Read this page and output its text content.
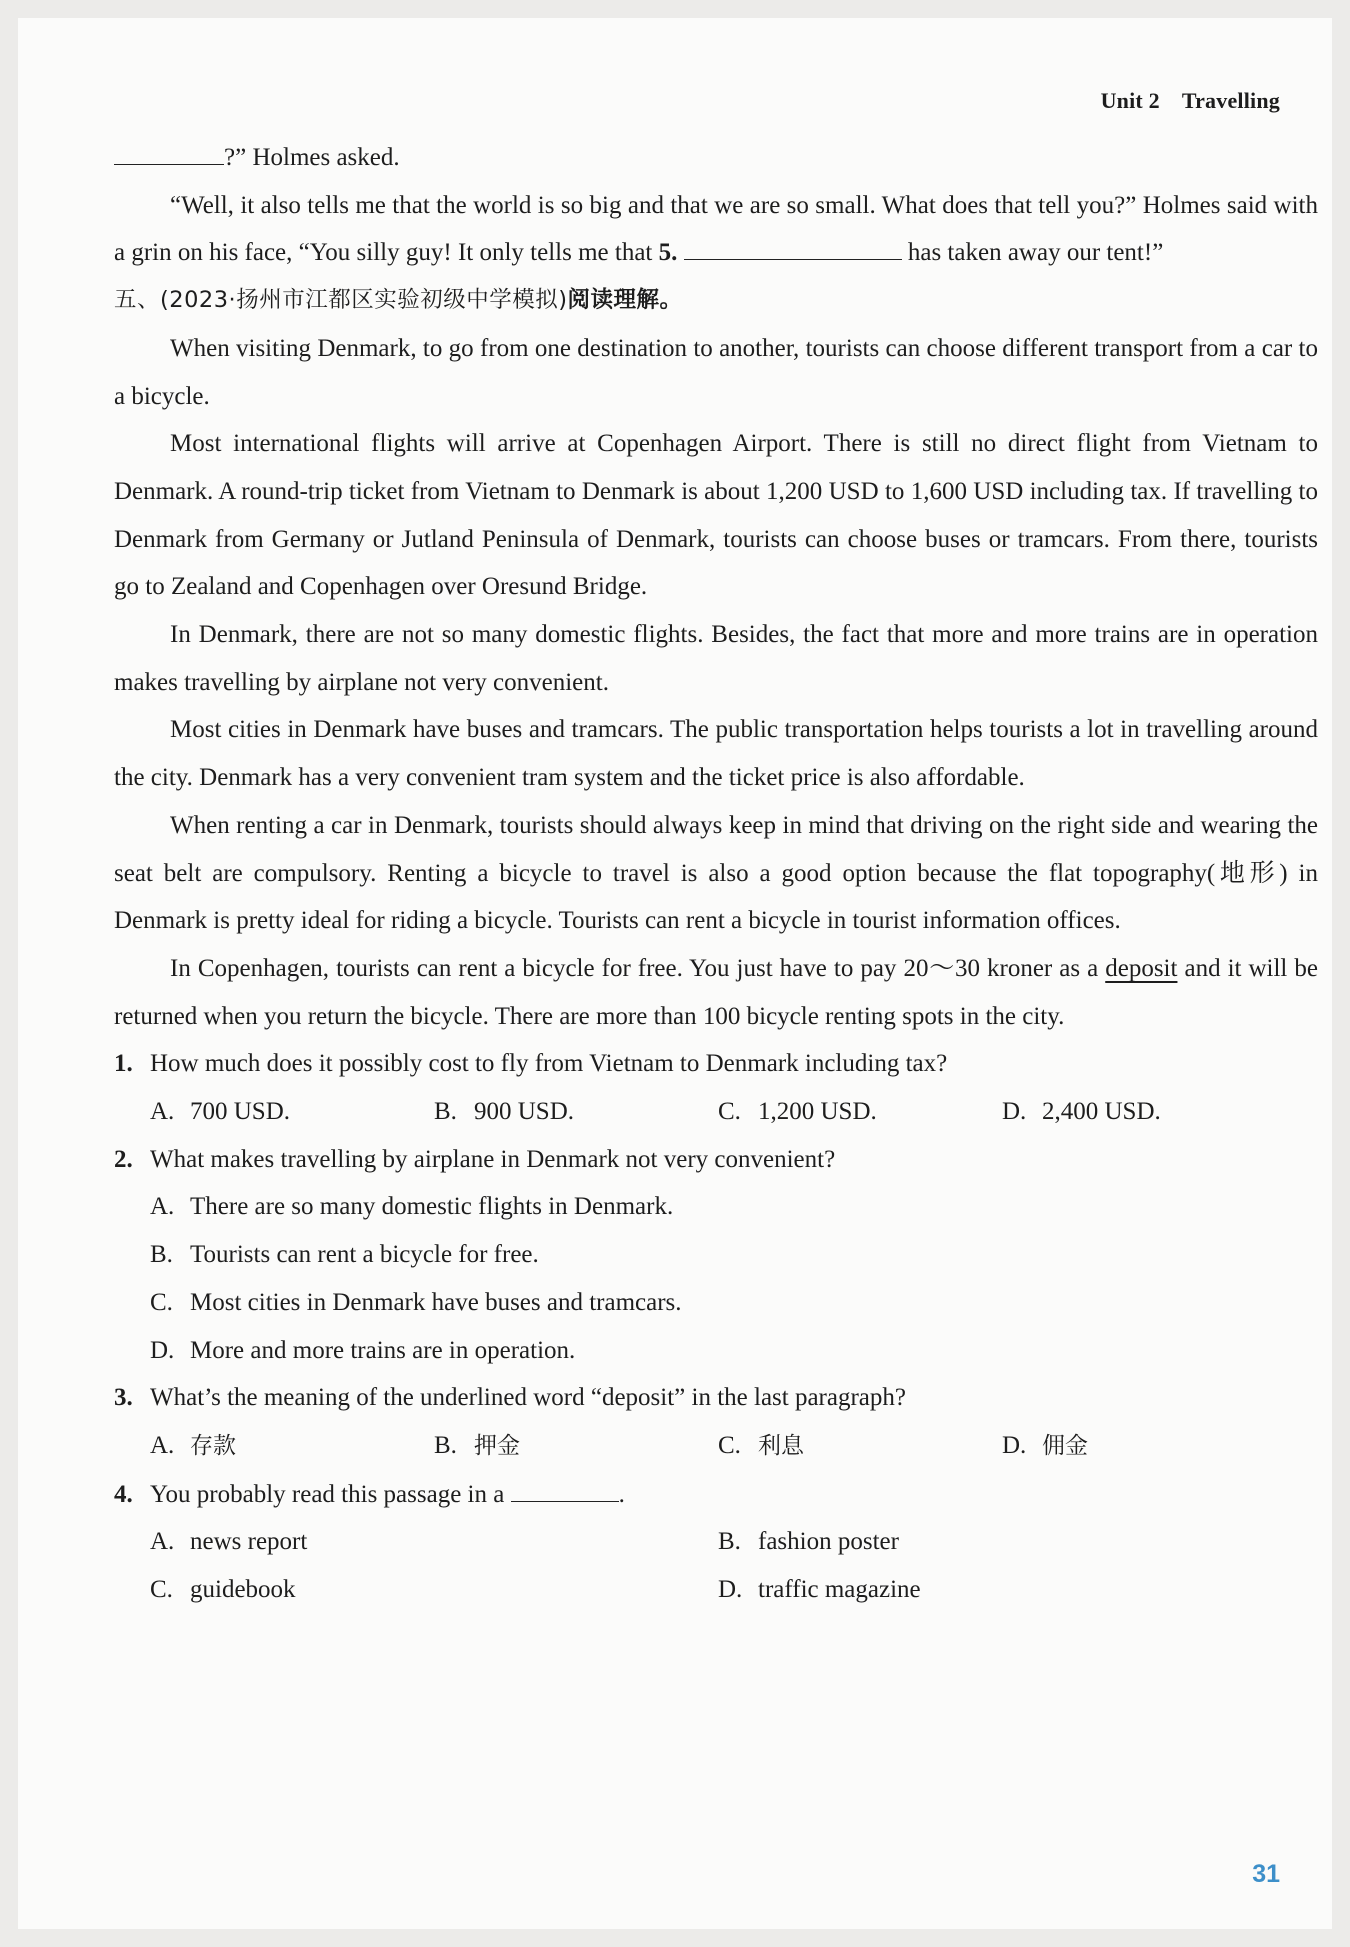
Unit 2 Travelling

?” Holmes asked.

“Well, it also tells me that the world is so big and that we are so small. What does that tell you?” Holmes said with a grin on his face, “You silly guy! It only tells me that 5.	has taken away our tent!”

五、(2023·扬州市江都区实验初级中学模拟)阅读理解。

When visiting Denmark, to go from one destination to another, tourists can choose different transport from a car to a bicycle.

Most international flights will arrive at Copenhagen Airport. There is still no direct flight from Vietnam to Denmark. A round-trip ticket from Vietnam to Denmark is about 1,200 USD to 1,600 USD including tax. If travelling to Denmark from Germany or Jutland Peninsula of Denmark, tourists can choose buses or tramcars. From there, tourists go to Zealand and Copenhagen over Oresund Bridge.

In Denmark, there are not so many domestic flights. Besides, the fact that more and more trains are in operation makes travelling by airplane not very convenient.

Most cities in Denmark have buses and tramcars. The public transportation helps tourists a lot in travelling around the city. Denmark has a very convenient tram system and the ticket price is also affordable.

When renting a car in Denmark, tourists should always keep in mind that driving on the right side and wearing the seat belt are compulsory. Renting a bicycle to travel is also a good option because the flat topography(地形) in Denmark is pretty ideal for riding a bicycle. Tourists can rent a bicycle in tourist information offices.

In Copenhagen, tourists can rent a bicycle for free. You just have to pay 20～30 kroner as a deposit and it will be returned when you return the bicycle. There are more than 100 bicycle renting spots in the city.

1. How much does it possibly cost to fly from Vietnam to Denmark including tax?
A. 700 USD.	B. 900 USD.	C. 1,200 USD.	D. 2,400 USD.
2. What makes travelling by airplane in Denmark not very convenient?
A. There are so many domestic flights in Denmark.
B. Tourists can rent a bicycle for free.
C. Most cities in Denmark have buses and tramcars.
D. More and more trains are in operation.
3. What’s the meaning of the underlined word “deposit” in the last paragraph?
A. 存款	B. 押金	C. 利息	D. 佣金
4. You probably read this passage in a	.
A. news report	B. fashion poster
C. guidebook	D. traffic magazine
31
